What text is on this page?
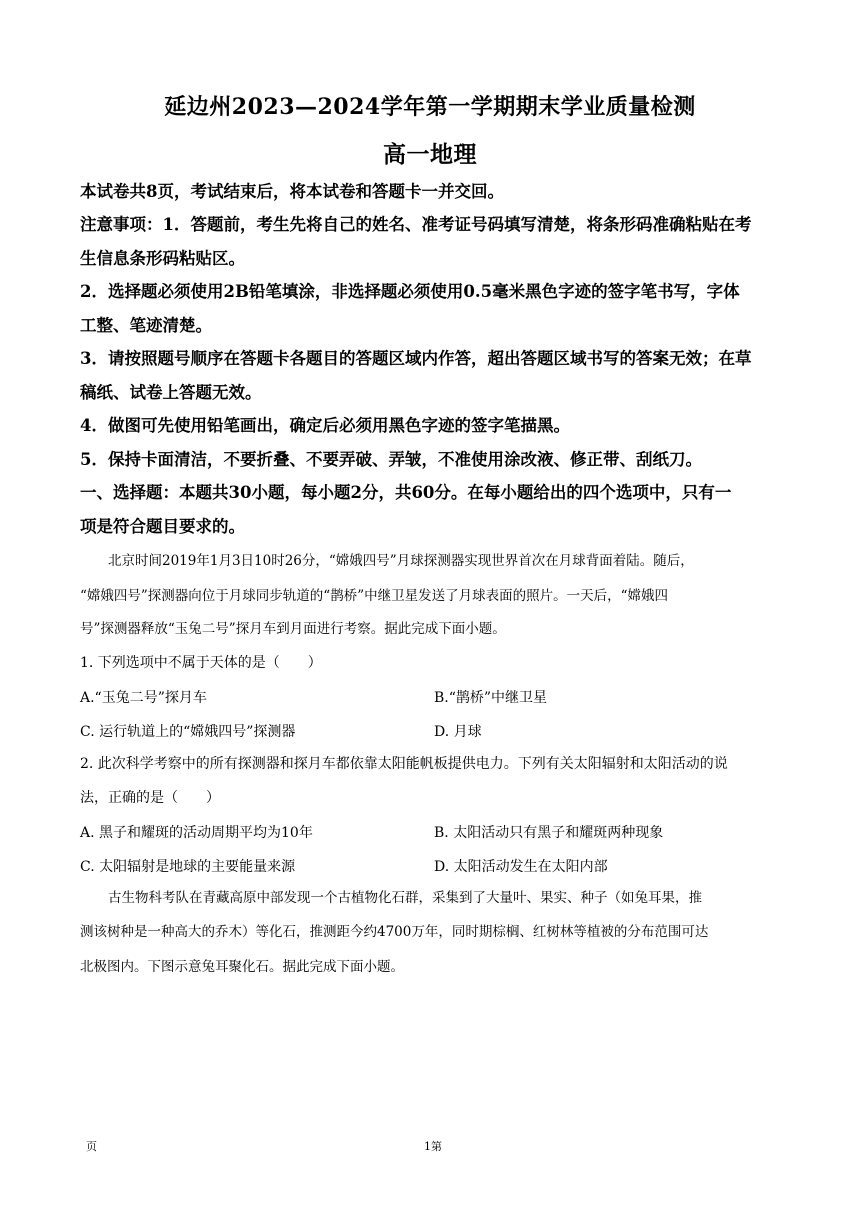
延边州2023—2024学年第一学期期末学业质量检测
高一地理
本试卷共8页，考试结束后，将本试卷和答题卡一并交回。
注意事项：1．答题前，考生先将自己的姓名、准考证号码填写清楚，将条形码准确粘贴在考
生信息条形码粘贴区。
2．选择题必须使用2B铅笔填涂，非选择题必须使用0.5毫米黑色字迹的签字笔书写，字体
工整、笔迹清楚。
3．请按照题号顺序在答题卡各题目的答题区域内作答，超出答题区域书写的答案无效；在草
稿纸、试卷上答题无效。
4．做图可先使用铅笔画出，确定后必须用黑色字迹的签字笔描黑。
5．保持卡面清洁，不要折叠、不要弄破、弄皱，不准使用涂改液、修正带、刮纸刀。
一、选择题：本题共30小题，每小题2分，共60分。在每小题给出的四个选项中，只有一
项是符合题目要求的。
北京时间2019年1月3日10时26分，“嫦娥四号”月球探测器实现世界首次在月球背面着陆。随后，
“嫦娥四号”探测器向位于月球同步轨道的“鹊桥”中继卫星发送了月球表面的照片。一天后，“嫦娥四
号”探测器释放“玉兔二号”探月车到月面进行考察。据此完成下面小题。
1. 下列选项中不属于天体的是（　　）
A.“玉兔二号”探月车	B.“鹊桥”中继卫星
C. 运行轨道上的“嫦娥四号”探测器	D. 月球
2. 此次科学考察中的所有探测器和探月车都依靠太阳能帆板提供电力。下列有关太阳辐射和太阳活动的说
法，正确的是（　　）
A. 黑子和耀斑的活动周期平均为10年	B. 太阳活动只有黑子和耀斑两种现象
C. 太阳辐射是地球的主要能量来源	D. 太阳活动发生在太阳内部
古生物科考队在青藏高原中部发现一个古植物化石群，采集到了大量叶、果实、种子（如兔耳果，推
测该树种是一种高大的乔木）等化石，推测距今约4700万年，同时期棕榈、红树林等植被的分布范围可达
北极图内。下图示意兔耳聚化石。据此完成下面小题。
页	1第
